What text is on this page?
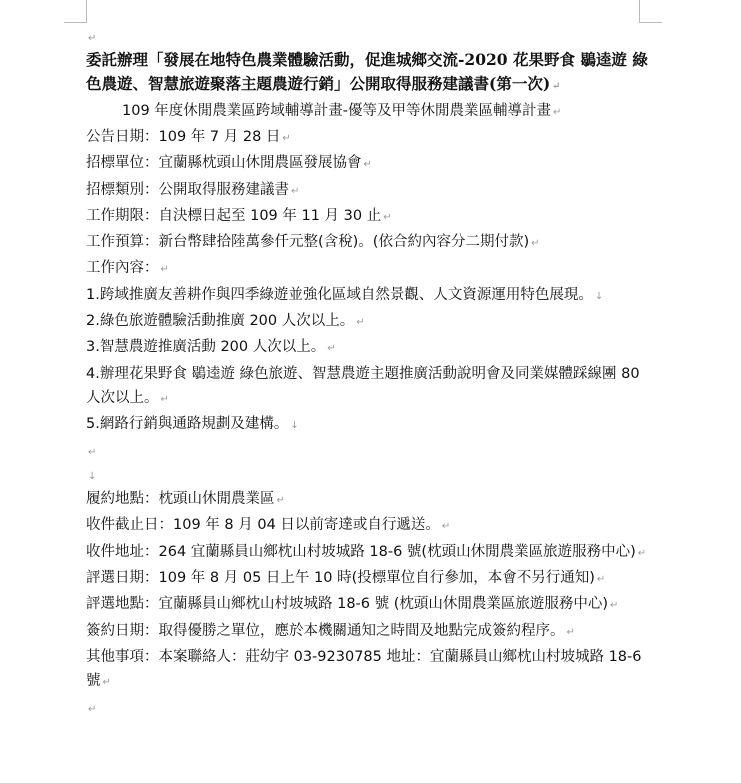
↵
委託辦理「發展在地特色農業體驗活動，促進城鄉交流-2020 花果野食 鶡逵遊 綠色農遊、智慧旅遊聚落主題農遊行銷」公開取得服務建議書(第一次) ↵
109 年度休閒農業區跨域輔導計畫-優等及甲等休閒農業區輔導計畫 ↵
公告日期：109 年 7 月 28 日 ↵
招標單位：宜蘭縣枕頭山休閒農區發展協會 ↵
招標類別：公開取得服務建議書 ↵
工作期限：自決標日起至 109 年 11 月 30 止 ↵
工作預算：新台幣肆拾陸萬參仟元整(含稅)。(依合約內容分二期付款) ↵
工作內容： ↵
1.跨域推廣友善耕作與四季綠遊並強化區域自然景觀、人文資源運用特色展現。 ↓
2.綠色旅遊體驗活動推廣 200 人次以上。 ↵
3.智慧農遊推廣活動 200 人次以上。 ↵
4.辦理花果野食 鶡逵遊 綠色旅遊、智慧農遊主題推廣活動說明會及同業媒體踩線團 80 人次以上。 ↵
5.網路行銷與通路規劃及建構。 ↓
↵
↓
履約地點：枕頭山休閒農業區 ↵
收件截止日：109 年 8 月 04 日以前寄達或自行遞送。 ↵
收件地址：264 宜蘭縣員山鄉枕山村坡城路 18-6 號(枕頭山休閒農業區旅遊服務中心) ↵
評選日期：109 年 8 月 05 日上午 10 時(投標單位自行參加，本會不另行通知) ↵
評選地點：宜蘭縣員山鄉枕山村坡城路 18-6 號 (枕頭山休閒農業區旅遊服務中心) ↵
簽約日期：取得優勝之單位，應於本機關通知之時間及地點完成簽約程序。 ↵
其他事項：本案聯絡人：莊幼宇 03-9230785 地址：宜蘭縣員山鄉枕山村坡城路 18-6 號 ↵
↵
